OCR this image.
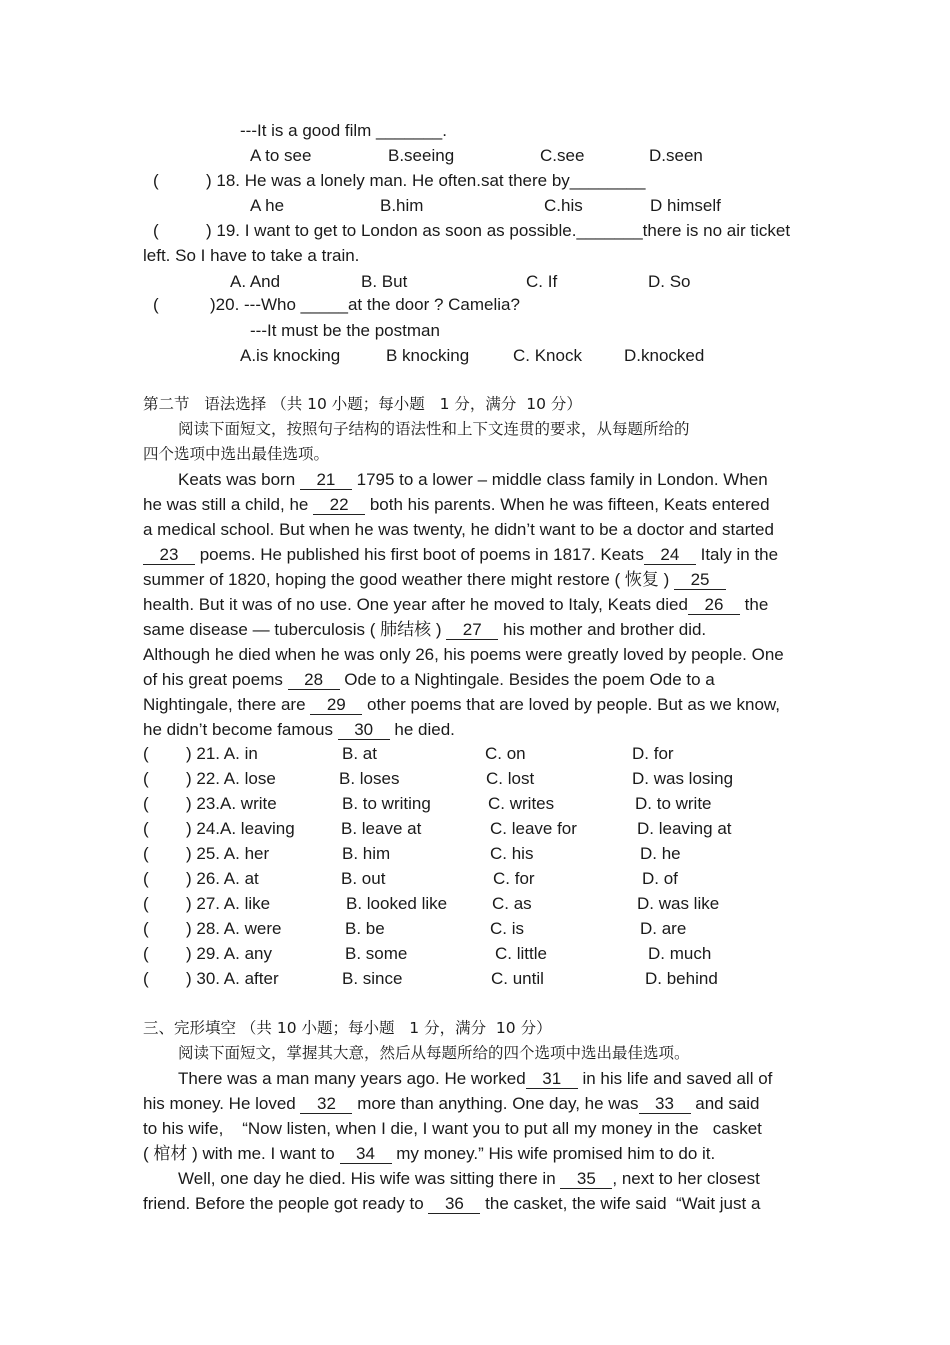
---It is a good film _______.
A to see	B.seeing	C.see	D.seen
(	) 18. He was a lonely man. He often.sat there by________
A he	B.him	C.his	D himself
(	) 19. I want to get to London as soon as possible._______there is no air ticket
left. So I have to take a train.
A. And	B. But	C. If	D. So
(	)20. ---Who _____at the door ? Camelia?
---It must be the postman
A.is knocking	B knocking	C. Knock D.knocked
第二节   语法选择 （共 10 小题；每小题   1 分，满分  10 分）
阅读下面短文，按照句子结构的语法性和上下文连贯的要求，从每题所给的
四个选项中选出最佳选项。
Keats was born 21 1795 to a lower – middle class family in London. When
he was still a child, he 22 both his parents. When he was fifteen, Keats entered
a medical school. But when he was twenty, he didn’t want to be a doctor and started
23 poems. He published his first boot of poems in 1817. Keats 24 Italy in the
summer of 1820, hoping the good weather there might restore ( 恢复 ) 25
health. But it was of no use. One year after he moved to Italy, Keats died 26 the
same disease — tuberculosis ( 肺结核 ) 27 his mother and brother did.
Although he died when he was only 26, his poems were greatly loved by people. One
of his great poems 28 Ode to a Nightingale. Besides the poem Ode to a
Nightingale, there are 29 other poems that are loved by people. But as we know,
he didn’t become famous 30 he died.
( ) 21. A. in	B. at	C. on	D. for
( ) 22. A. lose	B. loses	C. lost	D. was losing
( ) 23.A. write	B. to writing	C. writes	D. to write
( ) 24.A. leaving	B. leave at	C. leave for	D. leaving at
( ) 25. A. her	B. him	C. his	D. he
( ) 26. A. at	B. out	C. for	D. of
( ) 27. A. like	B. looked like	C. as	D. was like
( ) 28. A. were	B. be	C. is	D. are
( ) 29. A. any	B. some	C. little	D. much
( ) 30. A. after	B. since	C. until	D. behind
三、完形填空 （共 10 小题；每小题   1 分，满分  10 分）
阅读下面短文，掌握其大意，然后从每题所给的四个选项中选出最佳选项。
There was a man many years ago. He worked 31 in his life and saved all of
his money. He loved 32 more than anything. One day, he was 33 and said
to his wife,    “Now listen, when I die, I want you to put all my money in the   casket
( 棺材 ) with me. I want to 34 my money.” His wife promised him to do it.
Well, one day he died. His wife was sitting there in 35 , next to her closest
friend. Before the people got ready to 36 the casket, the wife said  “Wait just a
